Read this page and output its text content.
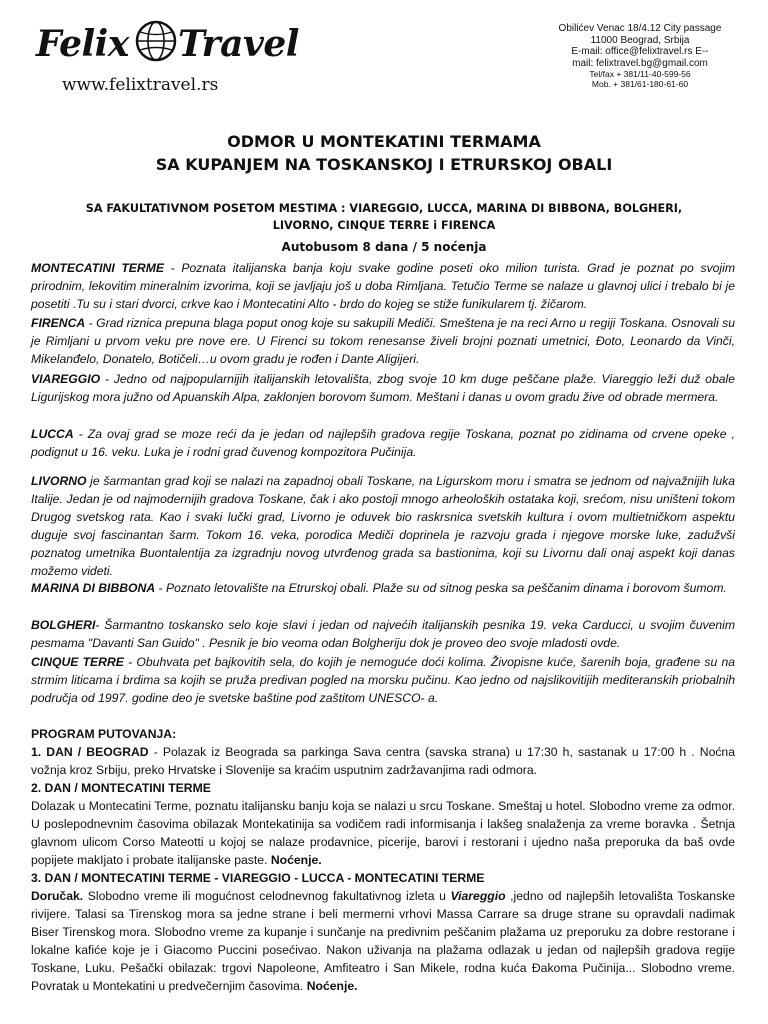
Felix Travel
www.felixtravel.rs
Obilićev Venac 18/4.12 City passage
11000 Beograd, Srbija
E-mail: office@felixtravel.rs E--
mail: felixtravel.bg@gmail.com
Tel/fax + 381/11-40-599-56
Mob. + 381/61-180-61-60
ODMOR U MONTEKATINI TERMAMA
SA KUPANJEM NA TOSKANSKOJ I ETRURSKOJ OBALI
SA FAKULTATIVNOM POSETOM MESTIMA : VIAREGGIO, LUCCA, MARINA DI BIBBONA, BOLGHERI,
LIVORNO, CINQUE TERRE i FIRENCA
Autobusom 8 dana / 5 noćenja

MONTECATINI TERME - Poznata italijanska banja koju svake godine poseti oko milion turista. Grad je poznat po svojim prirodnim, lekovitim mineralnim izvorima, koji se javljaju još u doba Rimljana. Tetučio Terme se nalaze u glavnoj ulici i trebalo bi je posetiti .Tu su i stari dvorci, crkve kao i Montecatini Alto - brdo do kojeg se stiže funikularem tj. žičarom.

FIRENCA - Grad riznica prepuna blaga poput onog koje su sakupili Mediči. Smeštena je na reci Arno u regiji Toskana. Osnovali su je Rimljani u prvom veku pre nove ere. U Firenci su tokom renesanse živeli brojni poznati umetnici, Đoto, Leonardo da Vinči, Mikelanđelo, Donatelo, Botičeli…u ovom gradu je rođen i Dante Aligijeri.

VIAREGGIO - Jedno od najpopularnijih italijanskih letovališta, zbog svoje 10 km duge peščane plaže. Viareggio leži duž obale Ligurijskog mora južno od Apuanskih Alpa, zaklonjen borovom šumom. Meštani i danas u ovom gradu žive od obrade mermera.

LUCCA - Za ovaj grad se moze reći da je jedan od najlepših gradova regije Toskana, poznat po zidinama od crvene opeke , podignut u 16. veku. Luka je i rodni grad čuvenog kompozitora Pučinija.

LIVORNO je šarmantan grad koji se nalazi na zapadnoj obali Toskane, na Ligurskom moru i smatra se jednom od najvažnijih luka Italije. Jedan je od najmodernijih gradova Toskane, čak i ako postoji mnogo arheoloških ostataka koji, srećom, nisu uništeni tokom Drugog svetskog rata. Kao i svaki lučki grad, Livorno je oduvek bio raskrsnica svetskih kultura i ovom multietničkom aspektu duguje svoj fascinantan šarm. Tokom 16. veka, porodica Mediči doprinela je razvoju grada i njegove morske luke, zadužvši poznatog umetnika Buontalentija za izgradnju novog utvrđenog grada sa bastionima, koji su Livornu dali onaj aspekt koji danas možemo videti.

MARINA DI BIBBONA - Poznato letovalište na Etrurskoj obali. Plaže su od sitnog peska sa peščanim dinama i borovom šumom.

BOLGHERI- Šarmantno toskansko selo koje slavi i jedan od najvećih italijanskih pesnika 19. veka Carducci, u svojim čuvenim pesmama "Davanti San Guido" . Pesnik je bio veoma odan Bolgheriju dok je proveo deo svoje mladosti ovde.

CINQUE TERRE - Obuhvata pet bajkovitih sela, do kojih je nemoguće doći kolima. Živopisne kuće, šarenih boja, građene su na strmim liticama i brdima sa kojih se pruža predivan pogled na morsku pučinu. Kao jedno od najslikovitijih mediteranskih priobalnih područja od 1997. godine deo je svetske baštine pod zaštitom UNESCO- a.

PROGRAM PUTOVANJA:
1. DAN / BEOGRAD - Polazak iz Beograda sa parkinga Sava centra (savska strana) u 17:30 h, sastanak u 17:00 h . Noćna vožnja kroz Srbiju, preko Hrvatske i Slovenije sa kraćim usputnim zadržavanjima radi odmora.
2. DAN / MONTECATINI TERME
Dolazak u Montecatini Terme, poznatu italijansku banju koja se nalazi u srcu Toskane. Smeštaj u hotel. Slobodno vreme za odmor. U poslepodnevnim časovima obilazak Montekatinija sa vodičem radi informisanja i lakšeg snalaženja za vreme boravka . Šetnja glavnom ulicom Corso Mateotti u kojoj se nalaze prodavnice, picerije, barovi i restorani i ujedno naša preporuka da baš ovde popijete makIjato i probate italijanske paste. Noćenje.
3. DAN / MONTECATINI TERME - VIAREGGIO - LUCCA - MONTECATINI TERME
Doručak. Slobodno vreme ili mogućnost celodnevnog fakultativnog izleta u Viareggio ,jedno od najlepših letovališta Toskanske rivijere. Talasi sa Tirenskog mora sa jedne strane i beli mermerni vrhovi Massa Carrare sa druge strane su opravdali nadimak Biser Tirenskog mora. Slobodno vreme za kupanje i sunčanje na predivnim peščanim plažama uz preporuku za dobre restorane i lokalne kafiće koje je i Giacomo Puccini posećivao. Nakon uživanja na plažama odlazak u jedan od najlepših gradova regije Toskane, Luku. Pešački obilazak: trgovi Napoleone, Amfiteatro i San Mikele, rodna kuća Đakoma Pučinija... Slobodno vreme. Povratak u Montekatini u predvečernjim časovima. Noćenje.
